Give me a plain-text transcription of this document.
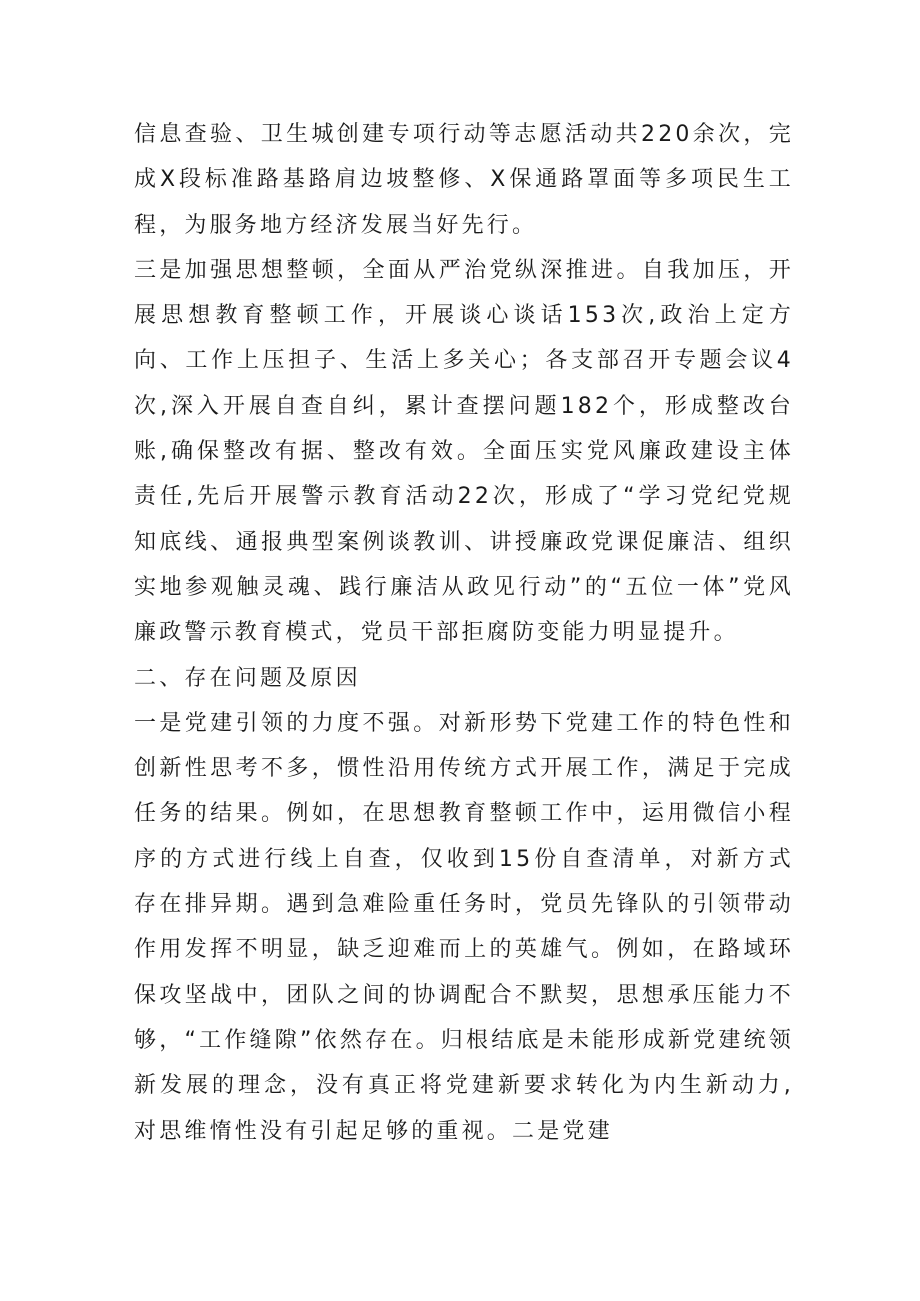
信息查验、卫生城创建专项行动等志愿活动共220余次，完成X段标准路基路肩边坡整修、X保通路罩面等多项民生工程，为服务地方经济发展当好先行。

三是加强思想整顿，全面从严治党纵深推进。自我加压，开展思想教育整顿工作，开展谈心谈话153次,政治上定方向、工作上压担子、生活上多关心；各支部召开专题会议4次,深入开展自查自纠，累计查摆问题182个，形成整改台账,确保整改有据、整改有效。全面压实党风廉政建设主体责任,先后开展警示教育活动22次，形成了“学习党纪党规知底线、通报典型案例谈教训、讲授廉政党课促廉洁、组织实地参观触灵魂、践行廉洁从政见行动”的“五位一体”党风廉政警示教育模式，党员干部拒腐防变能力明显提升。

二、存在问题及原因

一是党建引领的力度不强。对新形势下党建工作的特色性和创新性思考不多，惯性沿用传统方式开展工作，满足于完成任务的结果。例如，在思想教育整顿工作中，运用微信小程序的方式进行线上自查，仅收到15份自查清单，对新方式存在排异期。遇到急难险重任务时，党员先锋队的引领带动作用发挥不明显，缺乏迎难而上的英雄气。例如，在路域环保攻坚战中，团队之间的协调配合不默契，思想承压能力不够，“工作缝隙”依然存在。归根结底是未能形成新党建统领新发展的理念，没有真正将党建新要求转化为内生新动力,对思维惰性没有引起足够的重视。二是党建
